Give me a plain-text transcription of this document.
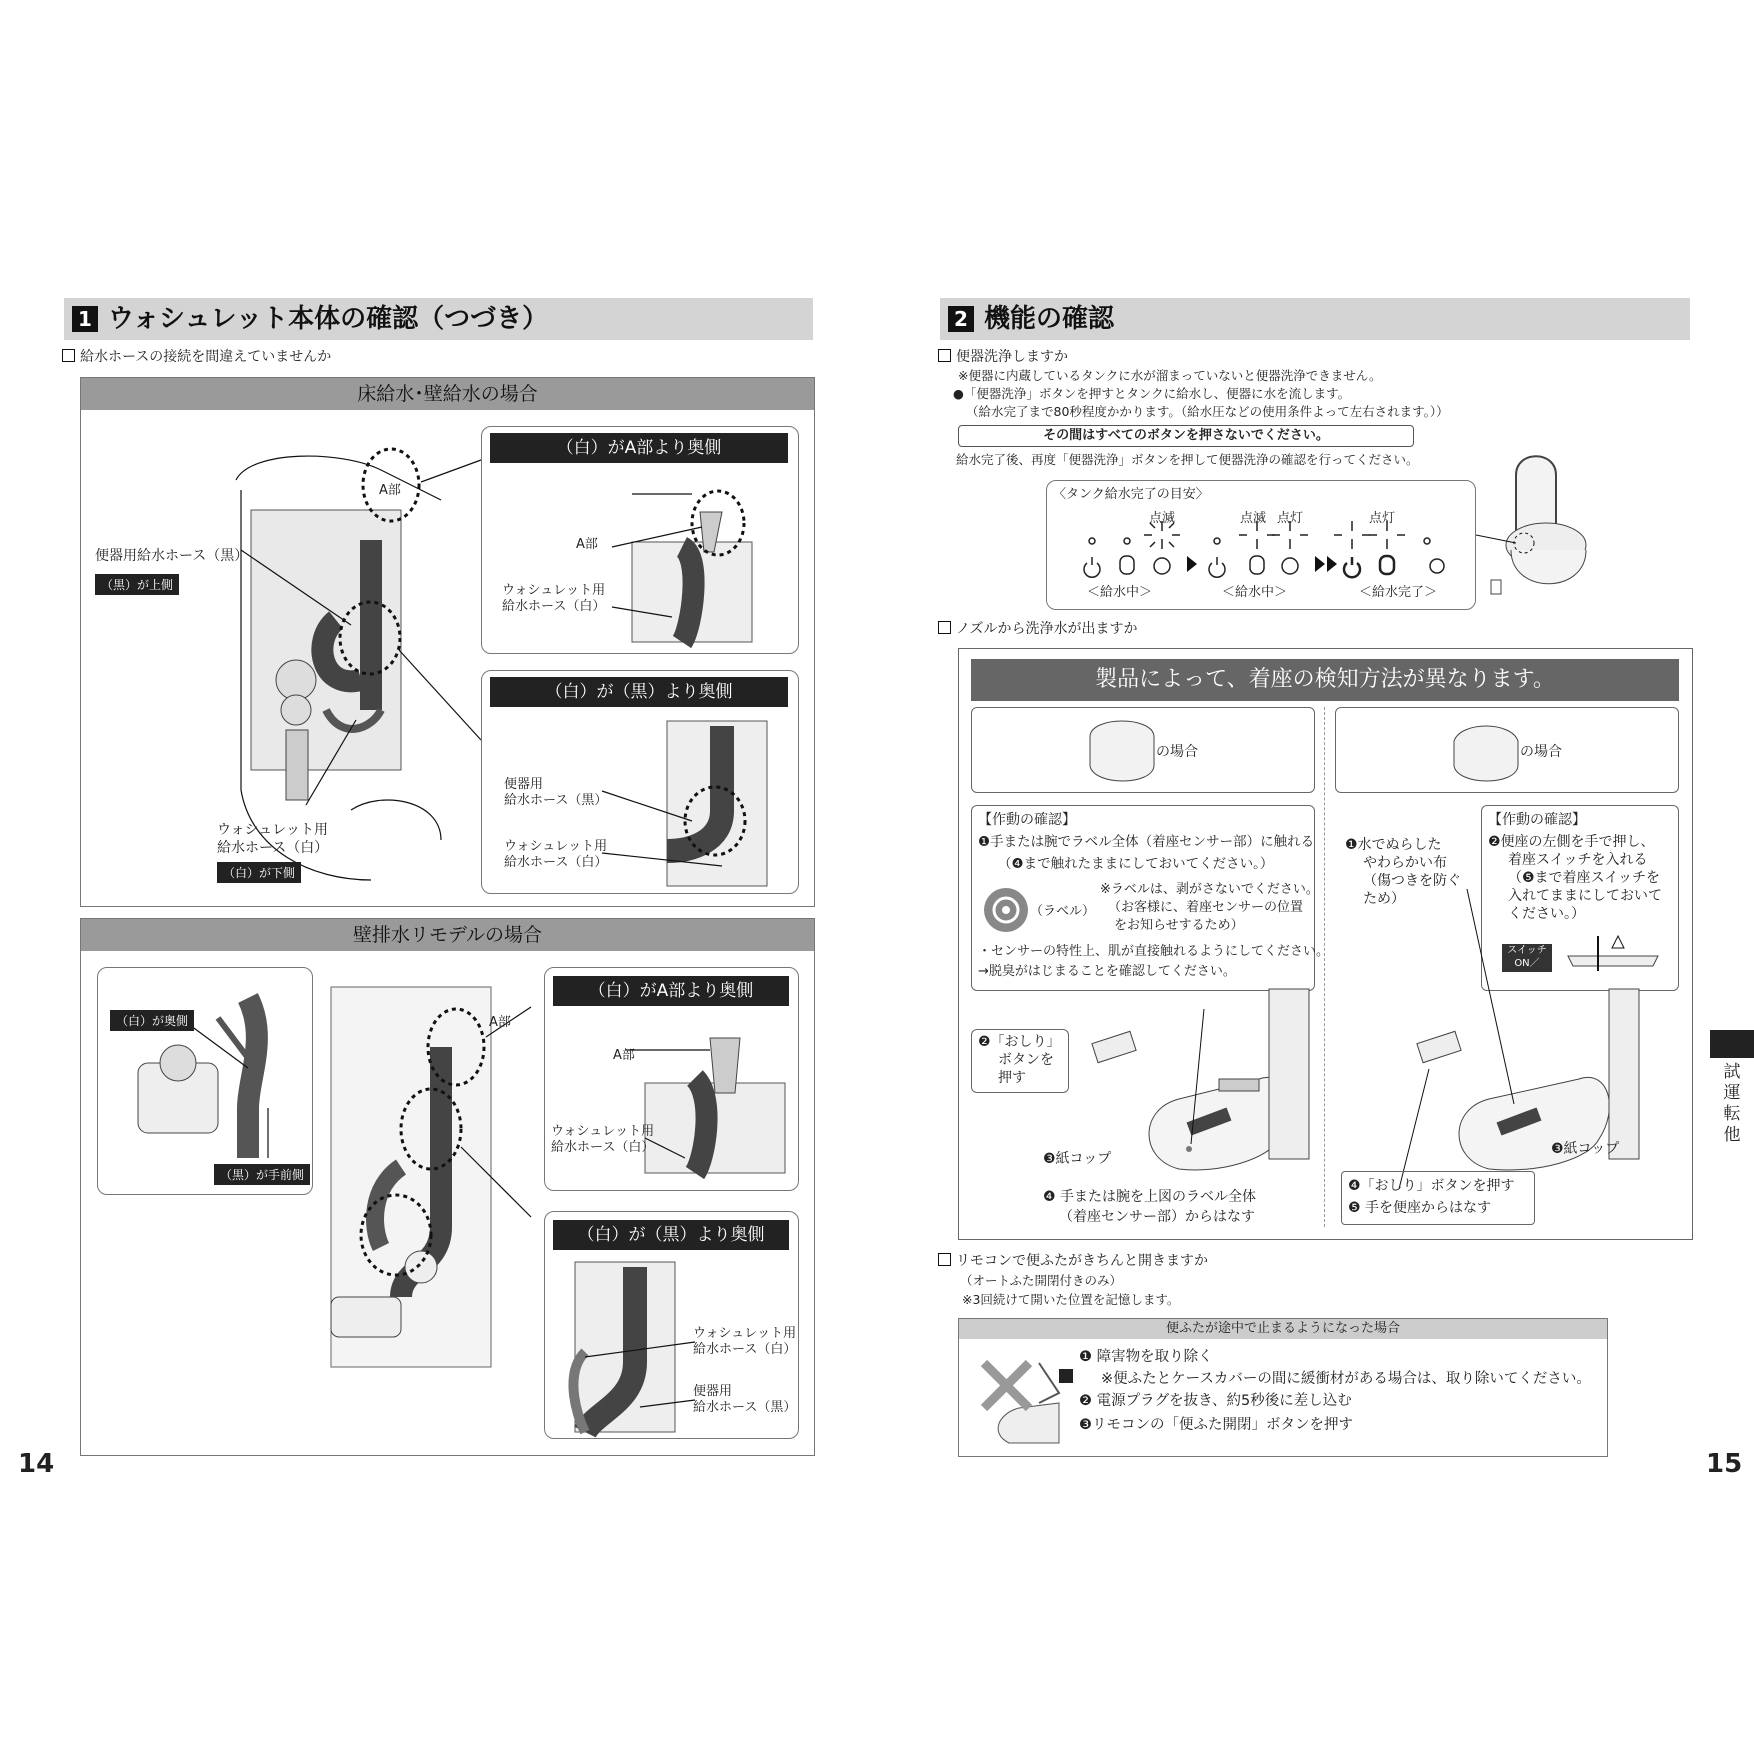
1 ウォシュレット本体の確認（つづき）
給水ホースの接続を間違えていませんか
床給水･壁給水の場合
A部
便器用給水ホース（黒）
（黒）が上側
ウォシュレット用
給水ホース（白）
（白）が下側
（白）がA部より奥側
A部
ウォシュレット用
給水ホース（白）
（白）が（黒）より奥側
便器用
給水ホース（黒）
ウォシュレット用
給水ホース（白）
壁排水リモデルの場合
（白）が奥側
（黒）が手前側
A部
（白）がA部より奥側
A部
ウォシュレット用
給水ホース（白）
（白）が（黒）より奥側
ウォシュレット用
給水ホース（白）
便器用
給水ホース（黒）
14
2 機能の確認
便器洗浄しますか
※便器に内蔵しているタンクに水が溜まっていないと便器洗浄できません。
●「便器洗浄」ボタンを押すとタンクに給水し、便器に水を流します。
（給水完了まで80秒程度かかります。（給水圧などの使用条件よって左右されます。））
その間はすべてのボタンを押さないでください。
給水完了後、再度「便器洗浄」ボタンを押して便器洗浄の確認を行ってください。
〈タンク給水完了の目安〉
点滅	点滅 点灯	点灯
＜給水中＞	＜給水中＞	＜給水完了＞
ノズルから洗浄水が出ますか
製品によって、着座の検知方法が異なります。
の場合	の場合
【作動の確認】
❶手または腕でラベル全体（着座センサー部）に触れる
（❹まで触れたままにしておいてください。）
（ラベル）
※ラベルは、剥がさないでください。
（お客様に、着座センサーの位置
をお知らせするため）
・センサーの特性上、肌が直接触れるようにしてください。
→脱臭がはじまることを確認してください。
❷「おしり」
ボタンを
押す
❸紙コップ
❹ 手または腕を上図のラベル全体
（着座センサー部）からはなす
❶水でぬらした
やわらかい布
（傷つきを防ぐ
ため）
【作動の確認】
❷便座の左側を手で押し、
着座スイッチを入れる
（❺まで着座スイッチを
入れてままにしておいて
ください。）
スイッチ
ON／
❸紙コップ
❹「おしり」ボタンを押す
❺ 手を便座からはなす
リモコンで便ふたがきちんと開きますか
（オートふた開閉付きのみ）
※3回続けて開いた位置を記憶します。
便ふたが途中で止まるようになった場合
❶ 障害物を取り除く
※便ふたとケースカバーの間に緩衝材がある場合は、取り除いてください。
❷ 電源プラグを抜き、約5秒後に差し込む
❸リモコンの「便ふた開閉」ボタンを押す
試運転他
15
